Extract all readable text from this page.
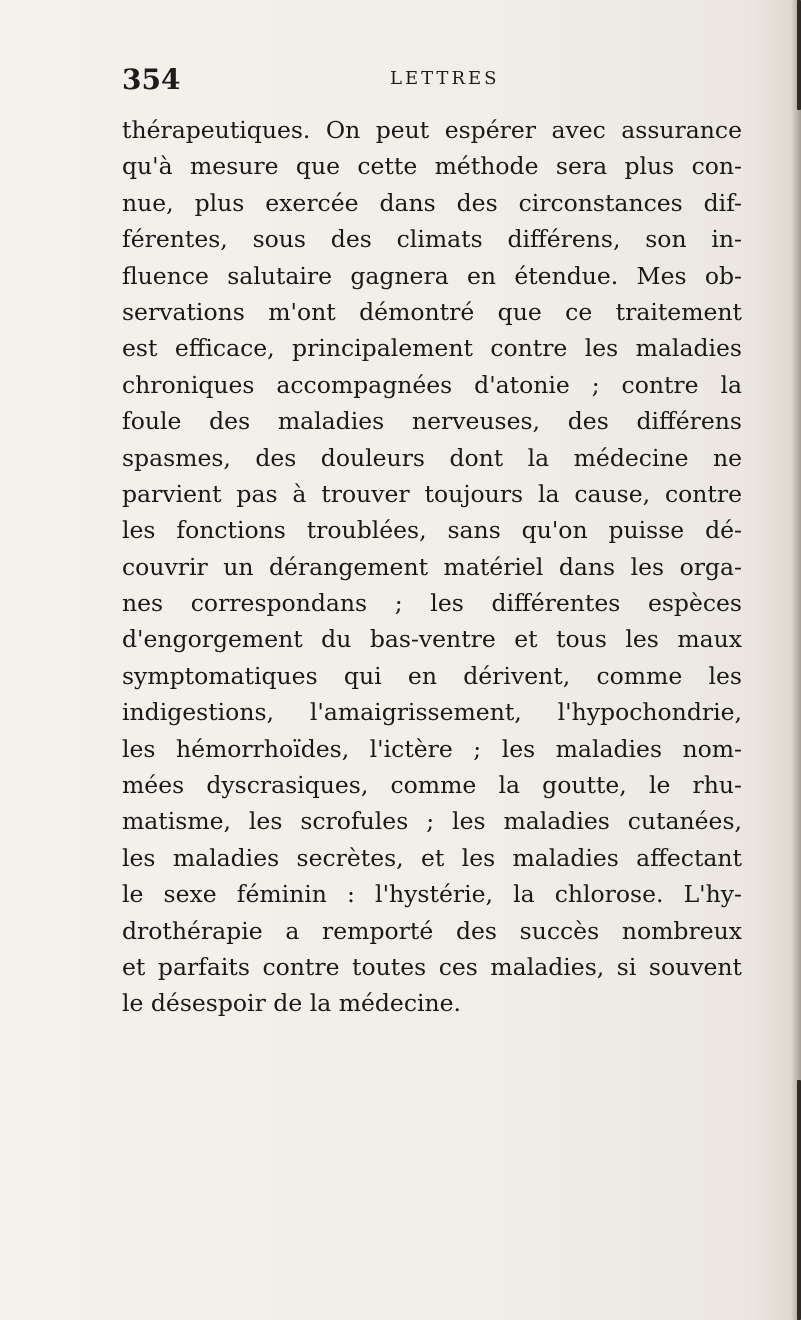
354	LETTRES
thérapeutiques. On peut espérer avec assurance
qu'à mesure que cette méthode sera plus con-
nue, plus exercée dans des circonstances dif-
férentes, sous des climats différens, son in-
fluence salutaire gagnera en étendue. Mes ob-
servations m'ont démontré que ce traitement
est efficace, principalement contre les maladies
chroniques accompagnées d'atonie ; contre la
foule des maladies nerveuses, des différens
spasmes, des douleurs dont la médecine ne
parvient pas à trouver toujours la cause, contre
les fonctions troublées, sans qu'on puisse dé-
couvrir un dérangement matériel dans les orga-
nes correspondans ; les différentes espèces
d'engorgement du bas-ventre et tous les maux
symptomatiques qui en dérivent, comme les
indigestions, l'amaigrissement, l'hypochondrie,
les hémorrhoïdes, l'ictère ; les maladies nom-
mées dyscrasiques, comme la goutte, le rhu-
matisme, les scrofules ; les maladies cutanées,
les maladies secrètes, et les maladies affectant
le sexe féminin : l'hystérie, la chlorose. L'hy-
drothérapie a remporté des succès nombreux
et parfaits contre toutes ces maladies, si souvent
le désespoir de la médecine.
